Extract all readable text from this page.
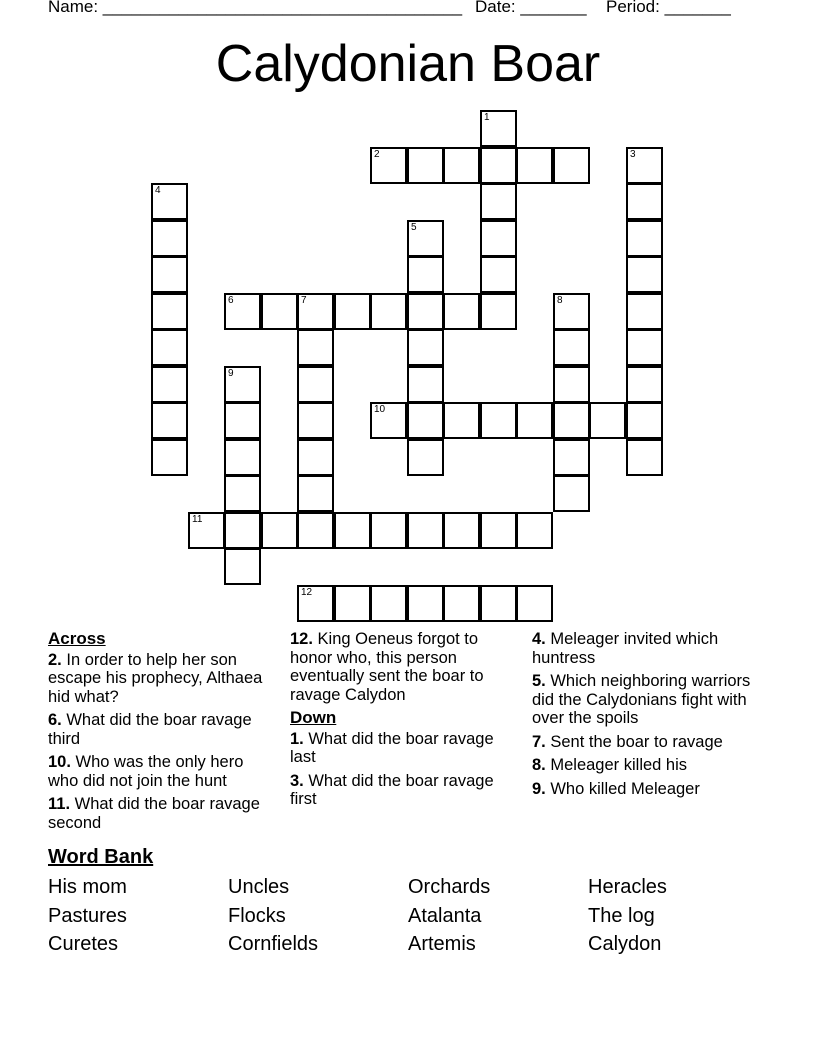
Name: ______________________________________ Date: _______ Period: _______
Calydonian Boar
1
2	3
4
5
6	7	8
9
10
11
12
Across
2. In order to help her son escape his prophecy, Althaea hid what?
6. What did the boar ravage third
10. Who was the only hero who did not join the hunt
11. What did the boar ravage second
12. King Oeneus forgot to honor who, this person eventually sent the boar to ravage Calydon
Down
1. What did the boar ravage last
3. What did the boar ravage first
4. Meleager invited which huntress
5. Which neighboring warriors did the Calydonians fight with over the spoils
7. Sent the boar to ravage
8. Meleager killed his
9. Who killed Meleager
Word Bank
His mom	Uncles	Orchards	Heracles
Pastures	Flocks	Atalanta	The log
Curetes	Cornfields	Artemis	Calydon
